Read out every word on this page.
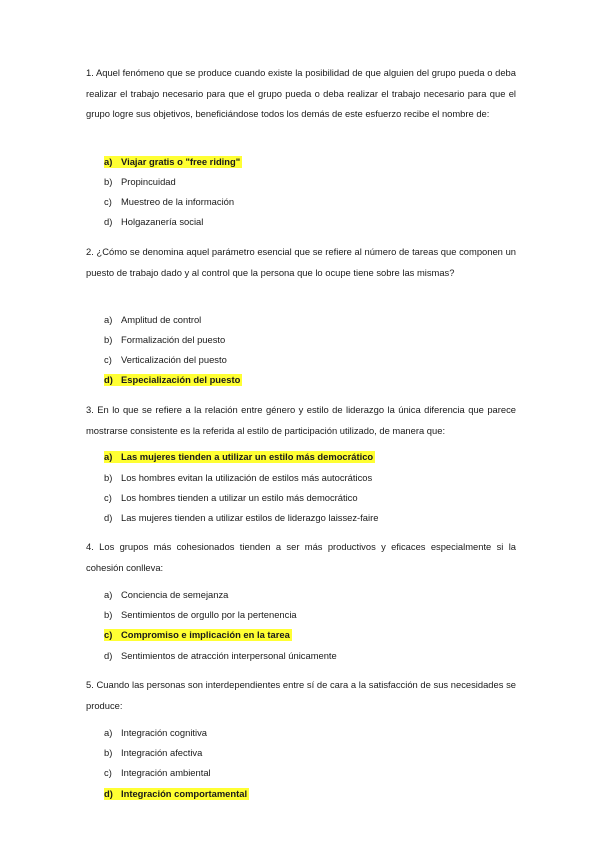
1. Aquel fenómeno que se produce cuando existe la posibilidad de que alguien del grupo pueda o deba realizar el trabajo necesario para que el grupo pueda o deba realizar el trabajo necesario para que el grupo logre sus objetivos, beneficiándose todos los demás de este esfuerzo recibe el nombre de:

a) Viajar gratis o "free riding"
b) Propincuidad
c) Muestreo de la información
d) Holgazanería social

2. ¿Cómo se denomina aquel parámetro esencial que se refiere al número de tareas que componen un puesto de trabajo dado y al control que la persona que lo ocupe tiene sobre las mismas?

a) Amplitud de control
b) Formalización del puesto
c) Verticalización del puesto
d) Especialización del puesto

3. En lo que se refiere a la relación entre género y estilo de liderazgo la única diferencia que parece mostrarse consistente es la referida al estilo de participación utilizado, de manera que:

a) Las mujeres tienden a utilizar un estilo más democrático
b) Los hombres evitan la utilización de estilos más autocráticos
c) Los hombres tienden a utilizar un estilo más democrático
d) Las mujeres tienden a utilizar estilos de liderazgo laissez-faire

4. Los grupos más cohesionados tienden a ser más productivos y eficaces especialmente si la cohesión conlleva:

a) Conciencia de semejanza
b) Sentimientos de orgullo por la pertenencia
c) Compromiso e implicación en la tarea
d) Sentimientos de atracción interpersonal únicamente

5. Cuando las personas son interdependientes entre sí de cara a la satisfacción de sus necesidades se produce:

a) Integración cognitiva
b) Integración afectiva
c) Integración ambiental
d) Integración comportamental
